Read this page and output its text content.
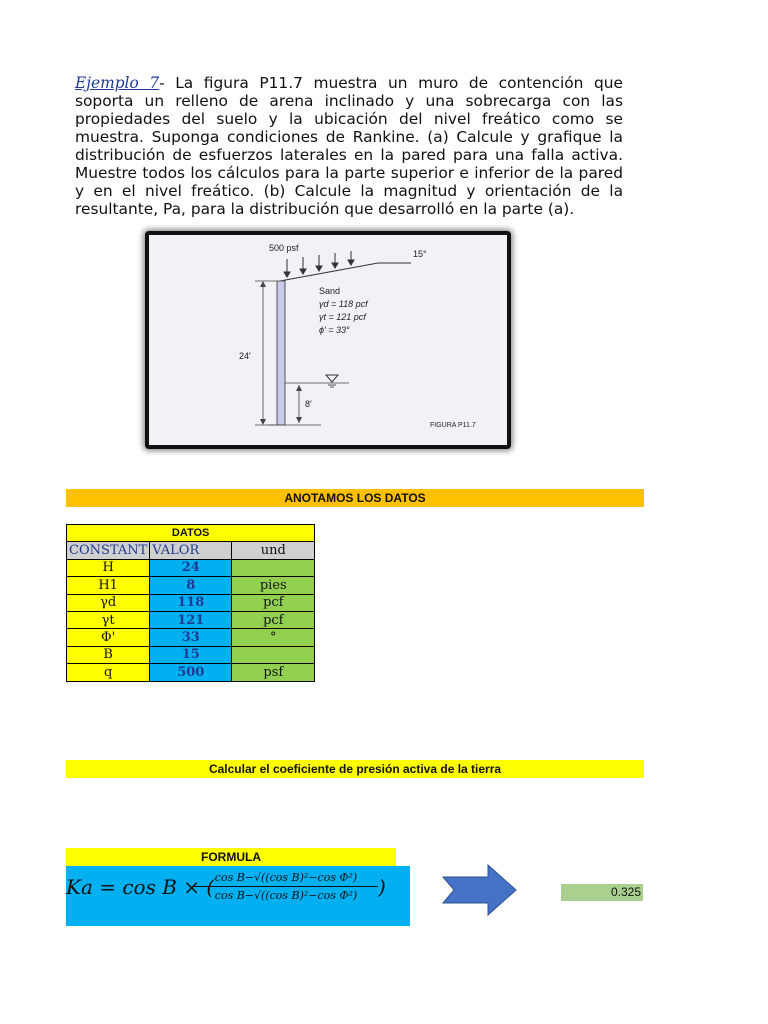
Ejemplo 7- La figura P11.7 muestra un muro de contención que soporta un relleno de arena inclinado y una sobrecarga con las propiedades del suelo y la ubicación del nivel freático como se muestra. Suponga condiciones de Rankine. (a) Calcule y grafique la distribución de esfuerzos laterales en la pared para una falla activa. Muestre todos los cálculos para la parte superior e inferior de la pared y en el nivel freático. (b) Calcule la magnitud y orientación de la resultante, Pa, para la distribución que desarrolló en la parte (a).

500 psf
15°
Sand
γd = 118 pcf
γt = 121 pcf
ϕ′ = 33°
24′
8′
FIGURA P11.7
ANOTAMOS LOS DATOS
DATOS		
CONSTANT	VALOR	und
H	24	
H1	8	pies
γd	118	pcf
γt	121	pcf
Φ'	33	°
B	15	
q	500	psf
Calcular el coeficiente de presión activa de la tierra
FORMULA
Ka = cos B × (
$\frac{\text{cos B−√((cos B)²−cos Φ²)}}{\text{cos B−√((cos B)²−cos Φ²)}}$ )	0.325
